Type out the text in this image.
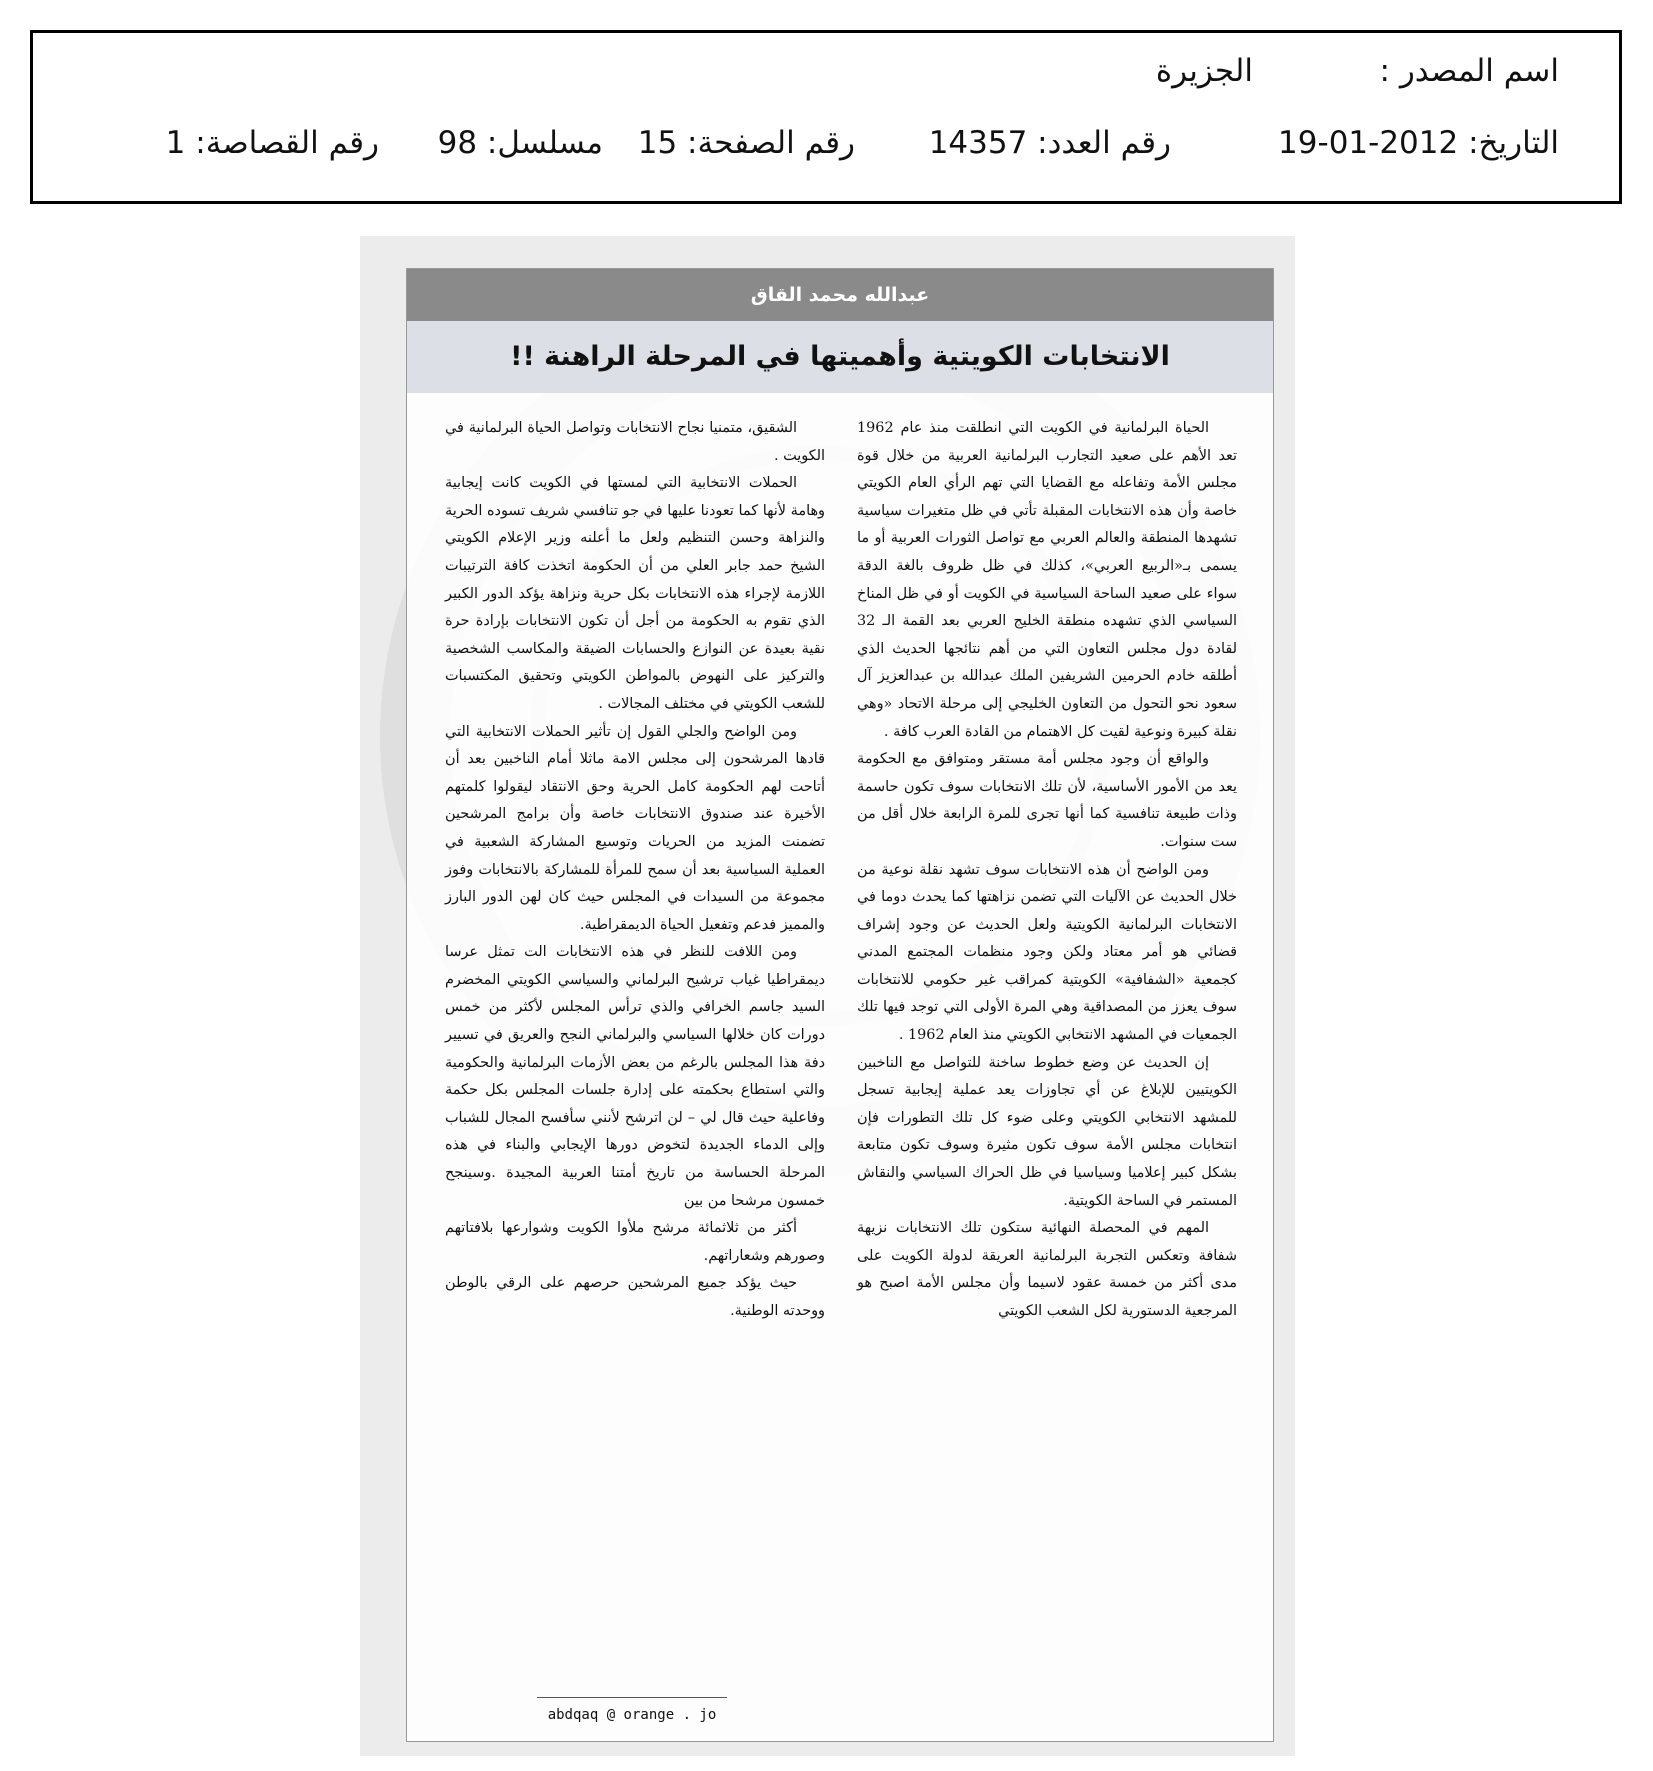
اسم المصدر :
الجزيرة
التاريخ: 2012-01-19
رقم العدد: 14357
رقم الصفحة: 15
مسلسل: 98
رقم القصاصة: 1
عبدالله محمد القاق
الانتخابات الكويتية وأهميتها في المرحلة الراهنة !!

الحياة البرلمانية في الكويت التي انطلقت منذ عام 1962 تعد الأهم على صعيد التجارب البرلمانية العربية من خلال قوة مجلس الأمة وتفاعله مع القضايا التي تهم الرأي العام الكويتي خاصة وأن هذه الانتخابات المقبلة تأتي في ظل متغيرات سياسية تشهدها المنطقة والعالم العربي مع تواصل الثورات العربية أو ما يسمى بـ«الربيع العربي»، كذلك في ظل ظروف بالغة الدقة سواء على صعيد الساحة السياسية في الكويت أو في ظل المناخ السياسي الذي تشهده منطقة الخليج العربي بعد القمة الـ 32 لقادة دول مجلس التعاون التي من أهم نتائجها الحديث الذي أطلقه خادم الحرمين الشريفين الملك عبدالله بن عبدالعزيز آل سعود نحو التحول من التعاون الخليجي إلى مرحلة الاتحاد «وهي نقلة كبيرة ونوعية لقيت كل الاهتمام من القادة العرب كافة .

والواقع أن وجود مجلس أمة مستقر ومتوافق مع الحكومة يعد من الأمور الأساسية، لأن تلك الانتخابات سوف تكون حاسمة وذات طبيعة تنافسية كما أنها تجرى للمرة الرابعة خلال أقل من ست سنوات.

ومن الواضح أن هذه الانتخابات سوف تشهد نقلة نوعية من خلال الحديث عن الآليات التي تضمن نزاهتها كما يحدث دوما في الانتخابات البرلمانية الكويتية ولعل الحديث عن وجود إشراف قضائي هو أمر معتاد ولكن وجود منظمات المجتمع المدني كجمعية «الشفافية» الكويتية كمراقب غير حكومي للانتخابات سوف يعزز من المصداقية وهي المرة الأولى التي توجد فيها تلك الجمعيات في المشهد الانتخابي الكويتي منذ العام 1962 .

إن الحديث عن وضع خطوط ساخنة للتواصل مع الناخبين الكويتيين للإبلاغ عن أي تجاوزات يعد عملية إيجابية تسجل للمشهد الانتخابي الكويتي وعلى ضوء كل تلك التطورات فإن انتخابات مجلس الأمة سوف تكون مثيرة وسوف تكون متابعة بشكل كبير إعلاميا وسياسيا في ظل الحراك السياسي والنقاش المستمر في الساحة الكويتية.

المهم في المحصلة النهائية ستكون تلك الانتخابات نزيهة شفافة وتعكس التجربة البرلمانية العريقة لدولة الكويت على مدى أكثر من خمسة عقود لاسيما وأن مجلس الأمة اصبح هو المرجعية الدستورية لكل الشعب الكويتي

الشقيق، متمنيا نجاح الانتخابات وتواصل الحياة البرلمانية في الكويت .

الحملات الانتخابية التي لمستها في الكويت كانت إيجابية وهامة لأنها كما تعودنا عليها في جو تنافسي شريف تسوده الحرية والنزاهة وحسن التنظيم ولعل ما أعلنه وزير الإعلام الكويتي الشيخ حمد جابر العلي من أن الحكومة اتخذت كافة الترتيبات اللازمة لإجراء هذه الانتخابات بكل حرية ونزاهة يؤكد الدور الكبير الذي تقوم به الحكومة من أجل أن تكون الانتخابات بإرادة حرة نقية بعيدة عن النوازع والحسابات الضيقة والمكاسب الشخصية والتركيز على النهوض بالمواطن الكويتي وتحقيق المكتسبات للشعب الكويتي في مختلف المجالات .

ومن الواضح والجلي القول إن تأثير الحملات الانتخابية التي قادها المرشحون إلى مجلس الامة ماثلا أمام الناخبين بعد أن أتاحت لهم الحكومة كامل الحرية وحق الانتقاد ليقولوا كلمتهم الأخيرة عند صندوق الانتخابات خاصة وأن برامج المرشحين تضمنت المزيد من الحريات وتوسيع المشاركة الشعبية في العملية السياسية بعد أن سمح للمرأة للمشاركة بالانتخابات وفوز مجموعة من السيدات في المجلس حيث كان لهن الدور البارز والمميز فدعم وتفعيل الحياة الديمقراطية.

ومن اللافت للنظر في هذه الانتخابات الت تمثل عرسا ديمقراطيا غياب ترشيح البرلماني والسياسي الكويتي المخضرم السيد جاسم الخرافي والذي ترأس المجلس لأكثر من خمس دورات كان خلالها السياسي والبرلماني النجح والعريق في تسيير دفة هذا المجلس بالرغم من بعض الأزمات البرلمانية والحكومية والتي استطاع بحكمته على إدارة جلسات المجلس بكل حكمة وفاعلية حيث قال لي – لن اترشح لأنني سأفسح المجال للشباب وإلى الدماء الجديدة لتخوض دورها الإيجابي والبناء في هذه المرحلة الحساسة من تاريخ أمتنا العربية المجيدة .وسينجح خمسون مرشحا من بين

أكثر من ثلاثمائة مرشح ملأوا الكويت وشوارعها بلافتاتهم وصورهم وشعاراتهم.

حيث يؤكد جميع المرشحين حرصهم على الرقي بالوطن ووحدته الوطنية.

abdqaq @ orange . jo
